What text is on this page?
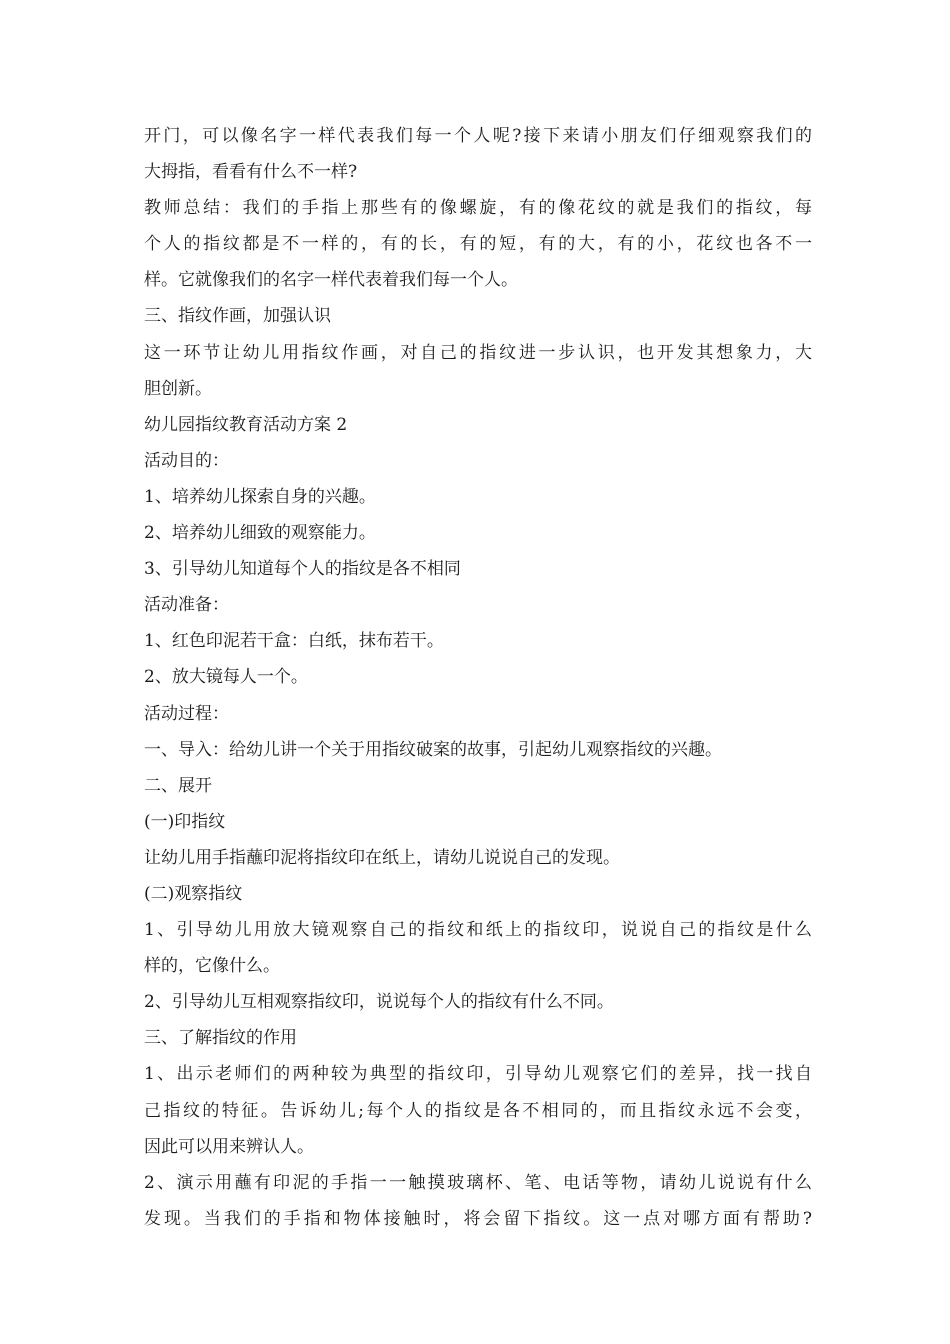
开门，可以像名字一样代表我们每一个人呢?接下来请小朋友们仔细观察我们的
大拇指，看看有什么不一样?
教师总结：我们的手指上那些有的像螺旋，有的像花纹的就是我们的指纹，每
个人的指纹都是不一样的，有的长，有的短，有的大，有的小，花纹也各不一
样。它就像我们的名字一样代表着我们每一个人。
三、指纹作画，加强认识
这一环节让幼儿用指纹作画，对自己的指纹进一步认识，也开发其想象力，大
胆创新。
幼儿园指纹教育活动方案 2
活动目的：
1、培养幼儿探索自身的兴趣。
2、培养幼儿细致的观察能力。
3、引导幼儿知道每个人的指纹是各不相同
活动准备：
1、红色印泥若干盒：白纸，抹布若干。
2、放大镜每人一个。
活动过程：
一、导入：给幼儿讲一个关于用指纹破案的故事，引起幼儿观察指纹的兴趣。
二、展开
(一)印指纹
让幼儿用手指蘸印泥将指纹印在纸上，请幼儿说说自己的发现。
(二)观察指纹
1、引导幼儿用放大镜观察自己的指纹和纸上的指纹印，说说自己的指纹是什么
样的，它像什么。
2、引导幼儿互相观察指纹印，说说每个人的指纹有什么不同。
三、了解指纹的作用
1、出示老师们的两种较为典型的指纹印，引导幼儿观察它们的差异，找一找自
己指纹的特征。告诉幼儿;每个人的指纹是各不相同的，而且指纹永远不会变，
因此可以用来辨认人。
2、演示用蘸有印泥的手指一一触摸玻璃杯、笔、电话等物，请幼儿说说有什么
发现。当我们的手指和物体接触时，将会留下指纹。这一点对哪方面有帮助?
